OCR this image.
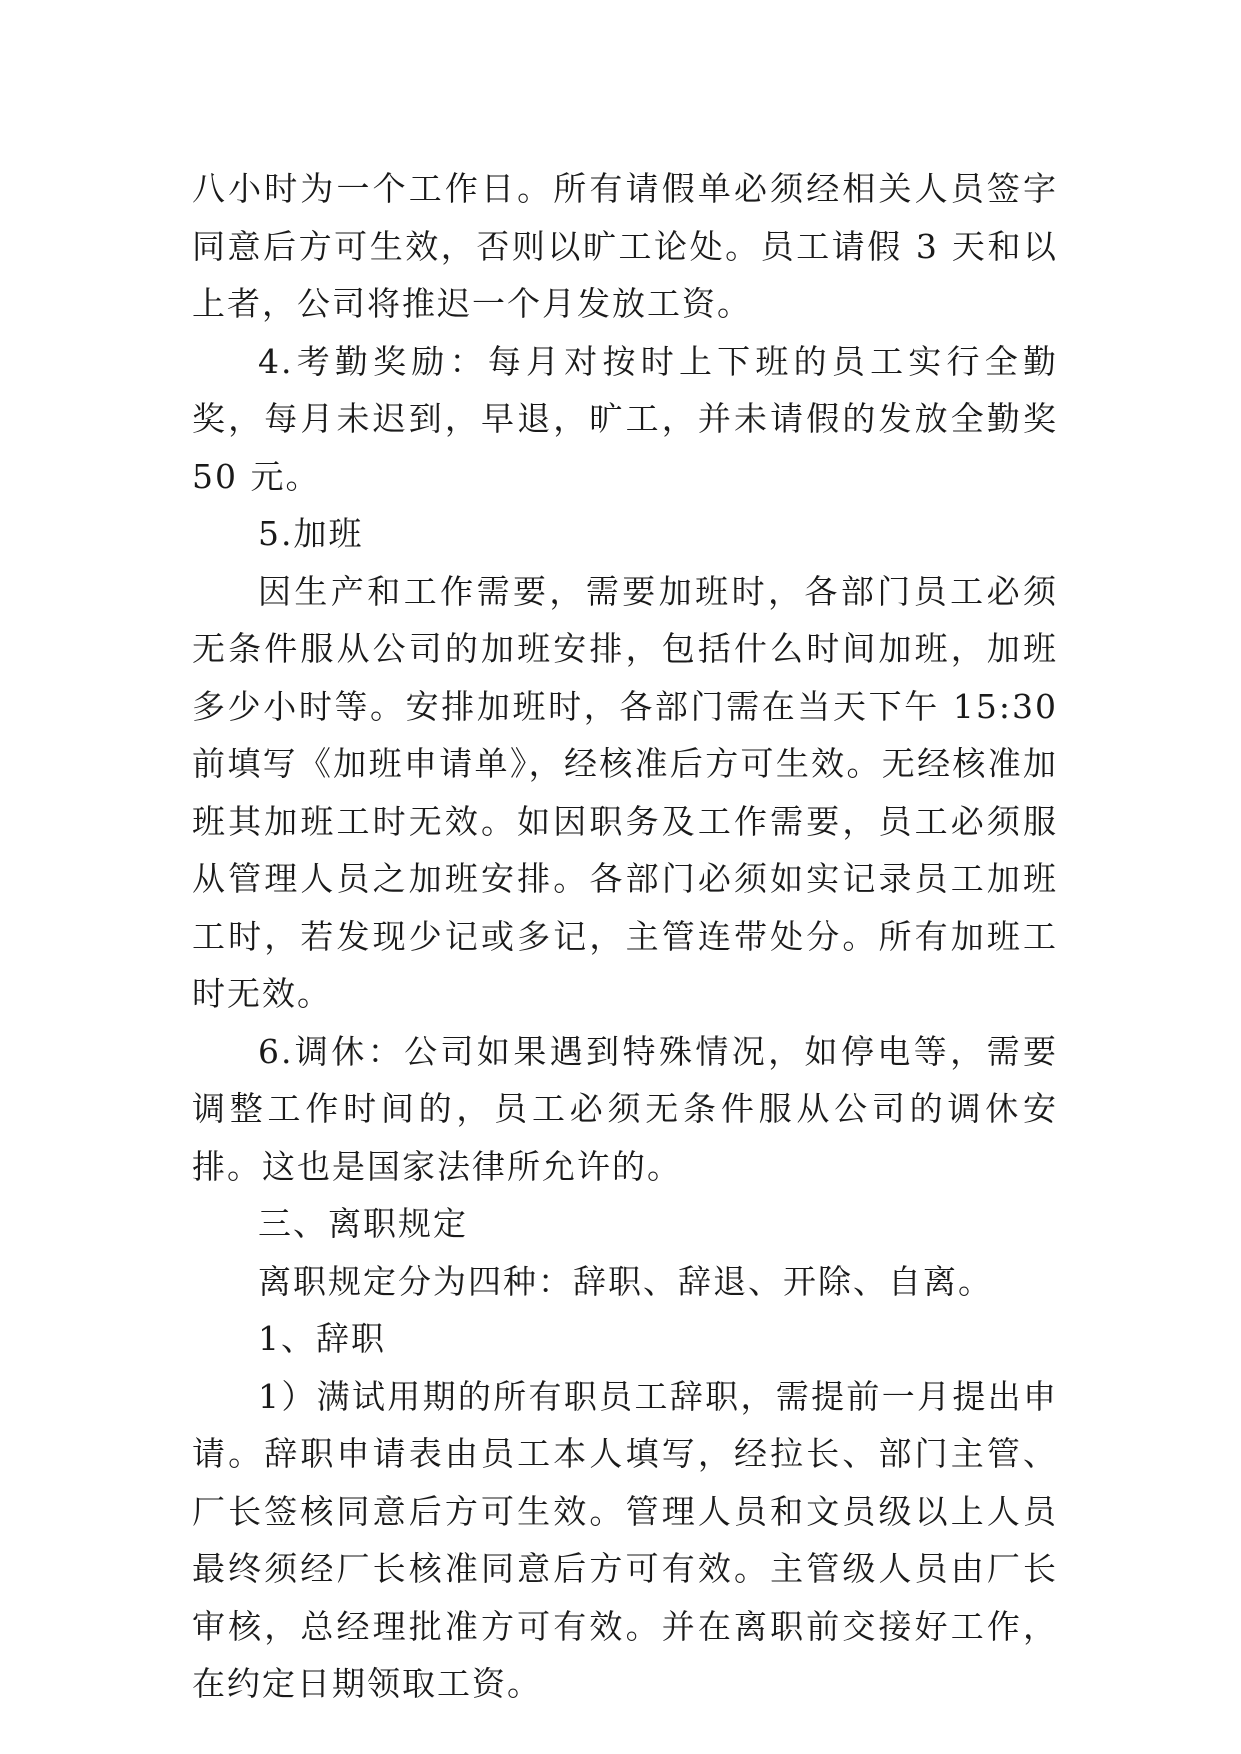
八小时为一个工作日。所有请假单必须经相关人员签字同意后方可生效，否则以旷工论处。员工请假 3 天和以上者，公司将推迟一个月发放工资。

4.考勤奖励：每月对按时上下班的员工实行全勤奖，每月未迟到，早退，旷工，并未请假的发放全勤奖 50 元。

5.加班

因生产和工作需要，需要加班时，各部门员工必须无条件服从公司的加班安排，包括什么时间加班，加班多少小时等。安排加班时，各部门需在当天下午 15:30 前填写《加班申请单》，经核准后方可生效。无经核准加班其加班工时无效。如因职务及工作需要，员工必须服从管理人员之加班安排。各部门必须如实记录员工加班工时，若发现少记或多记，主管连带处分。所有加班工时无效。

6.调休：公司如果遇到特殊情况，如停电等，需要调整工作时间的，员工必须无条件服从公司的调休安排。这也是国家法律所允许的。

三、离职规定

离职规定分为四种：辞职、辞退、开除、自离。

1、辞职

1）满试用期的所有职员工辞职，需提前一月提出申请。辞职申请表由员工本人填写，经拉长、部门主管、厂长签核同意后方可生效。管理人员和文员级以上人员最终须经厂长核准同意后方可有效。主管级人员由厂长审核，总经理批准方可有效。并在离职前交接好工作，在约定日期领取工资。
